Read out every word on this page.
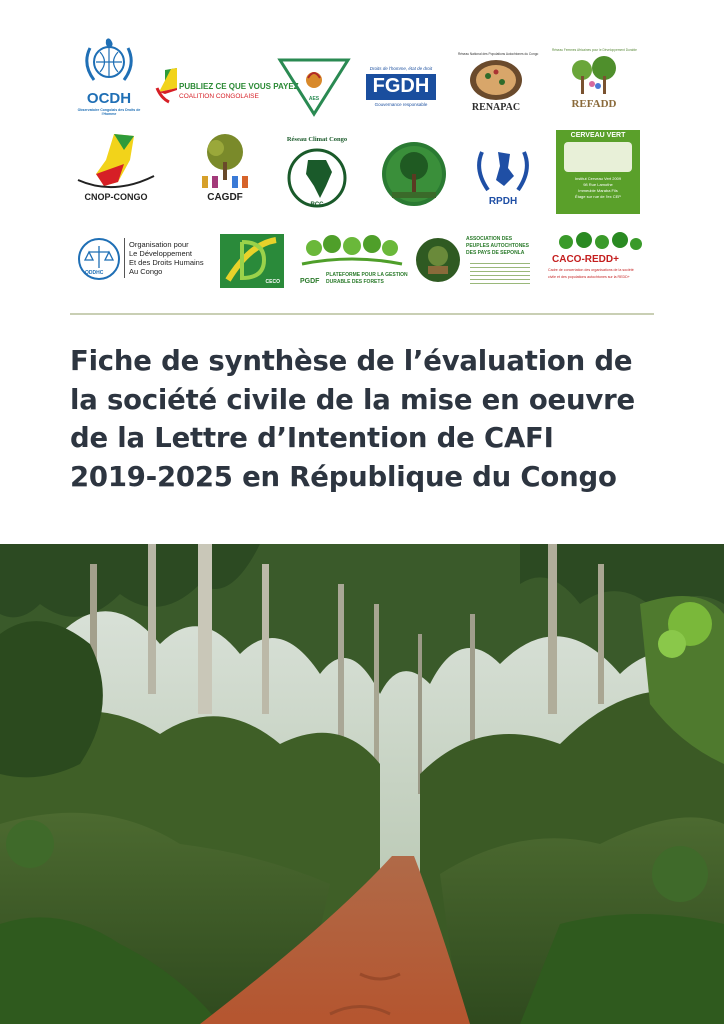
OCDH
Observatoire Congolais des Droits de l'Homme
PUBLIEZ CE QUE VOUS PAYEZ
COALITION CONGOLAISE	AES
Droits de l'homme, état de droit
FGDH
Gouvernance responsable
Réseau National des Populations Autochtones du Congo
RENAPAC
Réseau Femmes Africaines pour le Développement Durable
REFADD
CNOP-CONGO	CAGDF
Réseau Climat Congo
RCC	RPDH
CERVEAU VERT
Institut Cerveau Vert 2009
98 Rue Lamothe
Immeuble Maraba Fils
Étage sur rue de l'ex CEP
ODDHC
Organisation pour
Le Développement
Et des Droits Humains
Au Congo
CECO	PGDF
PLATEFORME POUR LA GESTION
DURABLE DES FORETS
ASSOCIATION DES
PEUPLES AUTOCHTONES
DES PAYS DE SEPONLA
CACO-REDD+
Cadre de concertation des organisations de la société
civile et des populations autochtones sur la REDD+
Fiche de synthèse de l’évaluation de
la société civile de la mise en oeuvre
de la Lettre d’Intention de CAFI
2019-2025 en République du Congo
